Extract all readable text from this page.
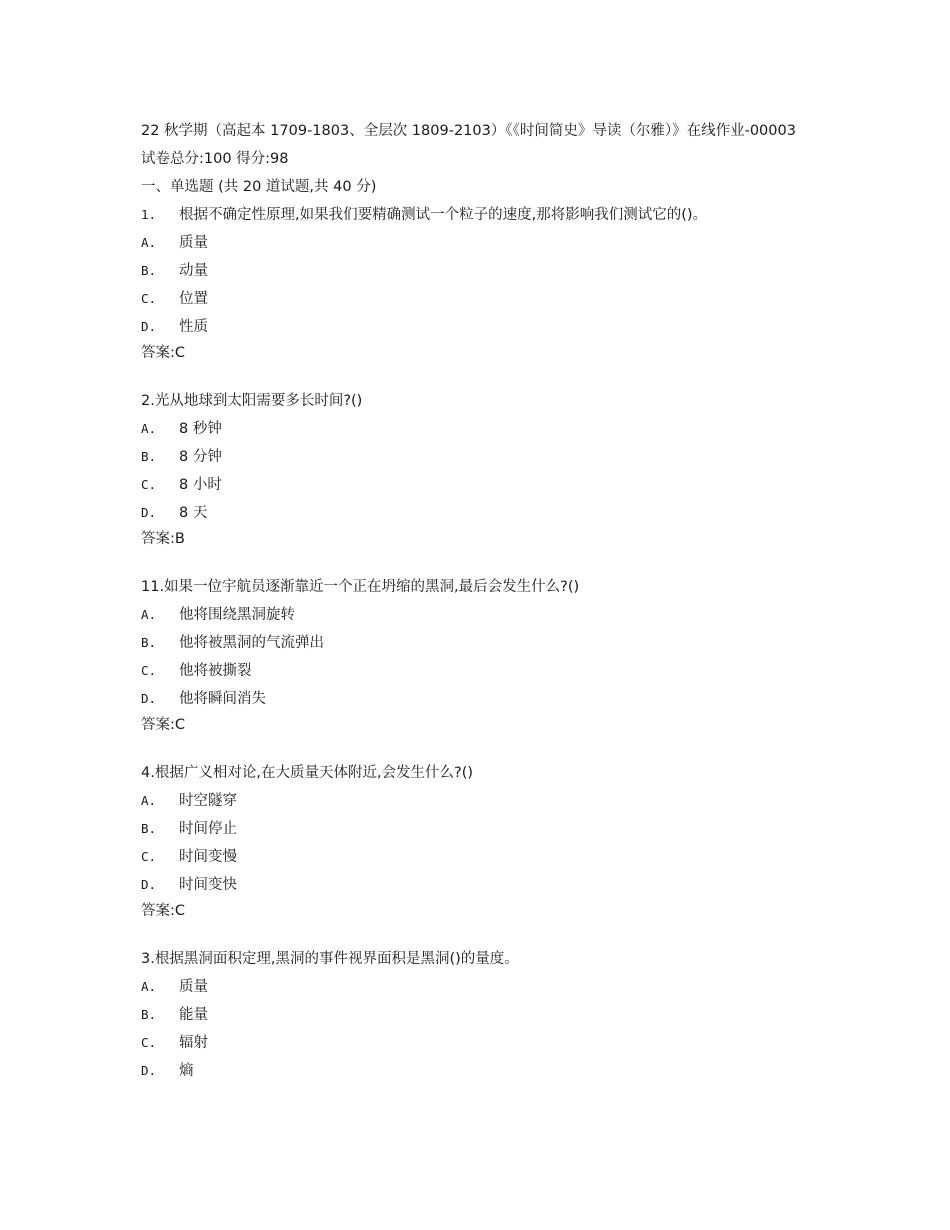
22 秋学期（高起本 1709-1803、全层次 1809-2103）《《时间简史》导读（尔雅）》在线作业-00003
试卷总分:100 得分:98
一、单选题 (共 20 道试题,共 40 分)
1. 根据不确定性原理,如果我们要精确测试一个粒子的速度,那将影响我们测试它的()。
A.	质量
B.	动量
C.	位置
D.	性质
答案:C
2.光从地球到太阳需要多长时间?()
A.	8 秒钟
B.	8 分钟
C.	8 小时
D.	8 天
答案:B
11.如果一位宇航员逐渐靠近一个正在坍缩的黑洞,最后会发生什么?()
A.	他将围绕黑洞旋转
B.	他将被黑洞的气流弹出
C.	他将被撕裂
D.	他将瞬间消失
答案:C
4.根据广义相对论,在大质量天体附近,会发生什么?()
A.	时空隧穿
B.	时间停止
C.	时间变慢
D.	时间变快
答案:C
3.根据黑洞面积定理,黑洞的事件视界面积是黑洞()的量度。
A.	质量
B.	能量
C.	辐射
D.	熵
